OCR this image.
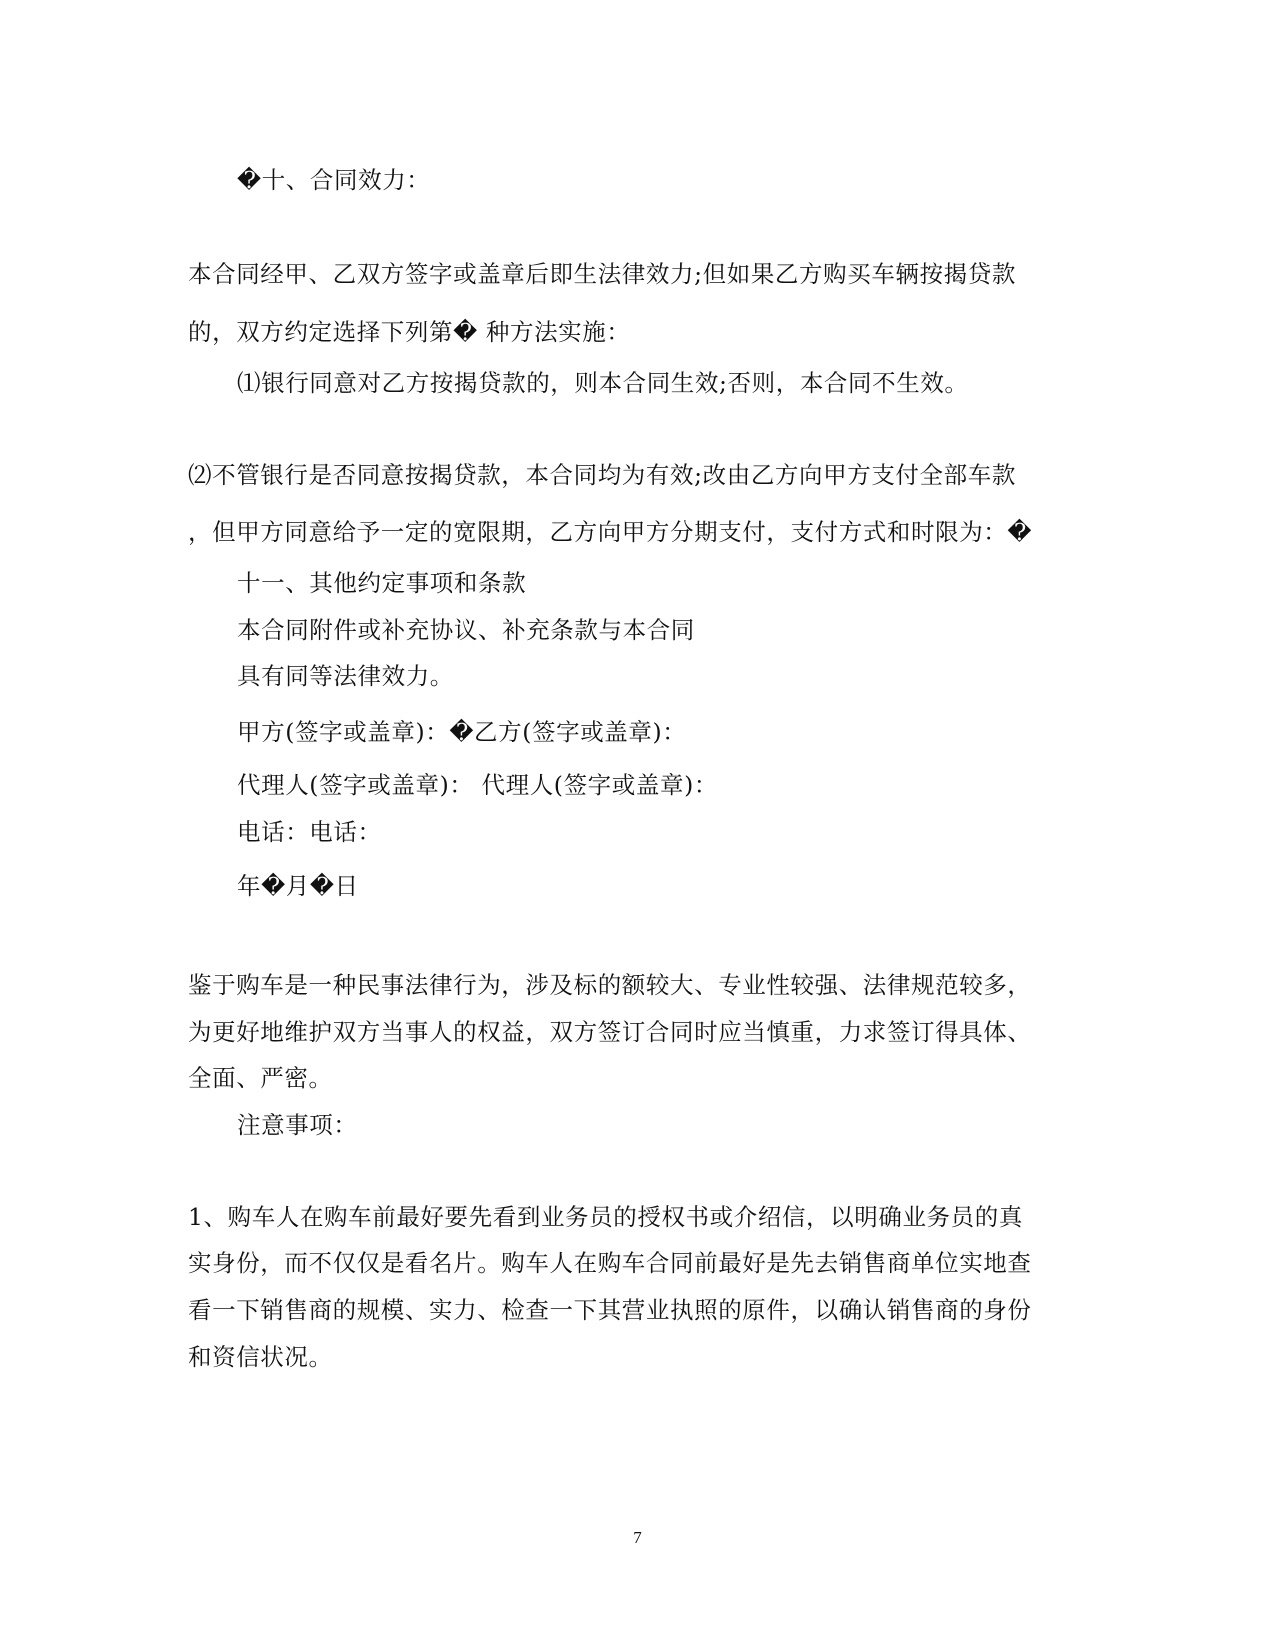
�十、合同效力：
本合同经甲、乙双方签字或盖章后即生法律效力;但如果乙方购买车辆按揭贷款
的，双方约定选择下列第� 种方法实施：
⑴银行同意对乙方按揭贷款的，则本合同生效;否则，本合同不生效。
⑵不管银行是否同意按揭贷款，本合同均为有效;改由乙方向甲方支付全部车款
，但甲方同意给予一定的宽限期，乙方向甲方分期支付，支付方式和时限为：�
十一、其他约定事项和条款
本合同附件或补充协议、补充条款与本合同
具有同等法律效力。
甲方(签字或盖章)：�乙方(签字或盖章)：
代理人(签字或盖章)： 代理人(签字或盖章)：
电话：电话：
年�月�日
鉴于购车是一种民事法律行为，涉及标的额较大、专业性较强、法律规范较多，
为更好地维护双方当事人的权益，双方签订合同时应当慎重，力求签订得具体、
全面、严密。
注意事项：
1、购车人在购车前最好要先看到业务员的授权书或介绍信，以明确业务员的真
实身份，而不仅仅是看名片。购车人在购车合同前最好是先去销售商单位实地查
看一下销售商的规模、实力、检查一下其营业执照的原件，以确认销售商的身份
和资信状况。
7
